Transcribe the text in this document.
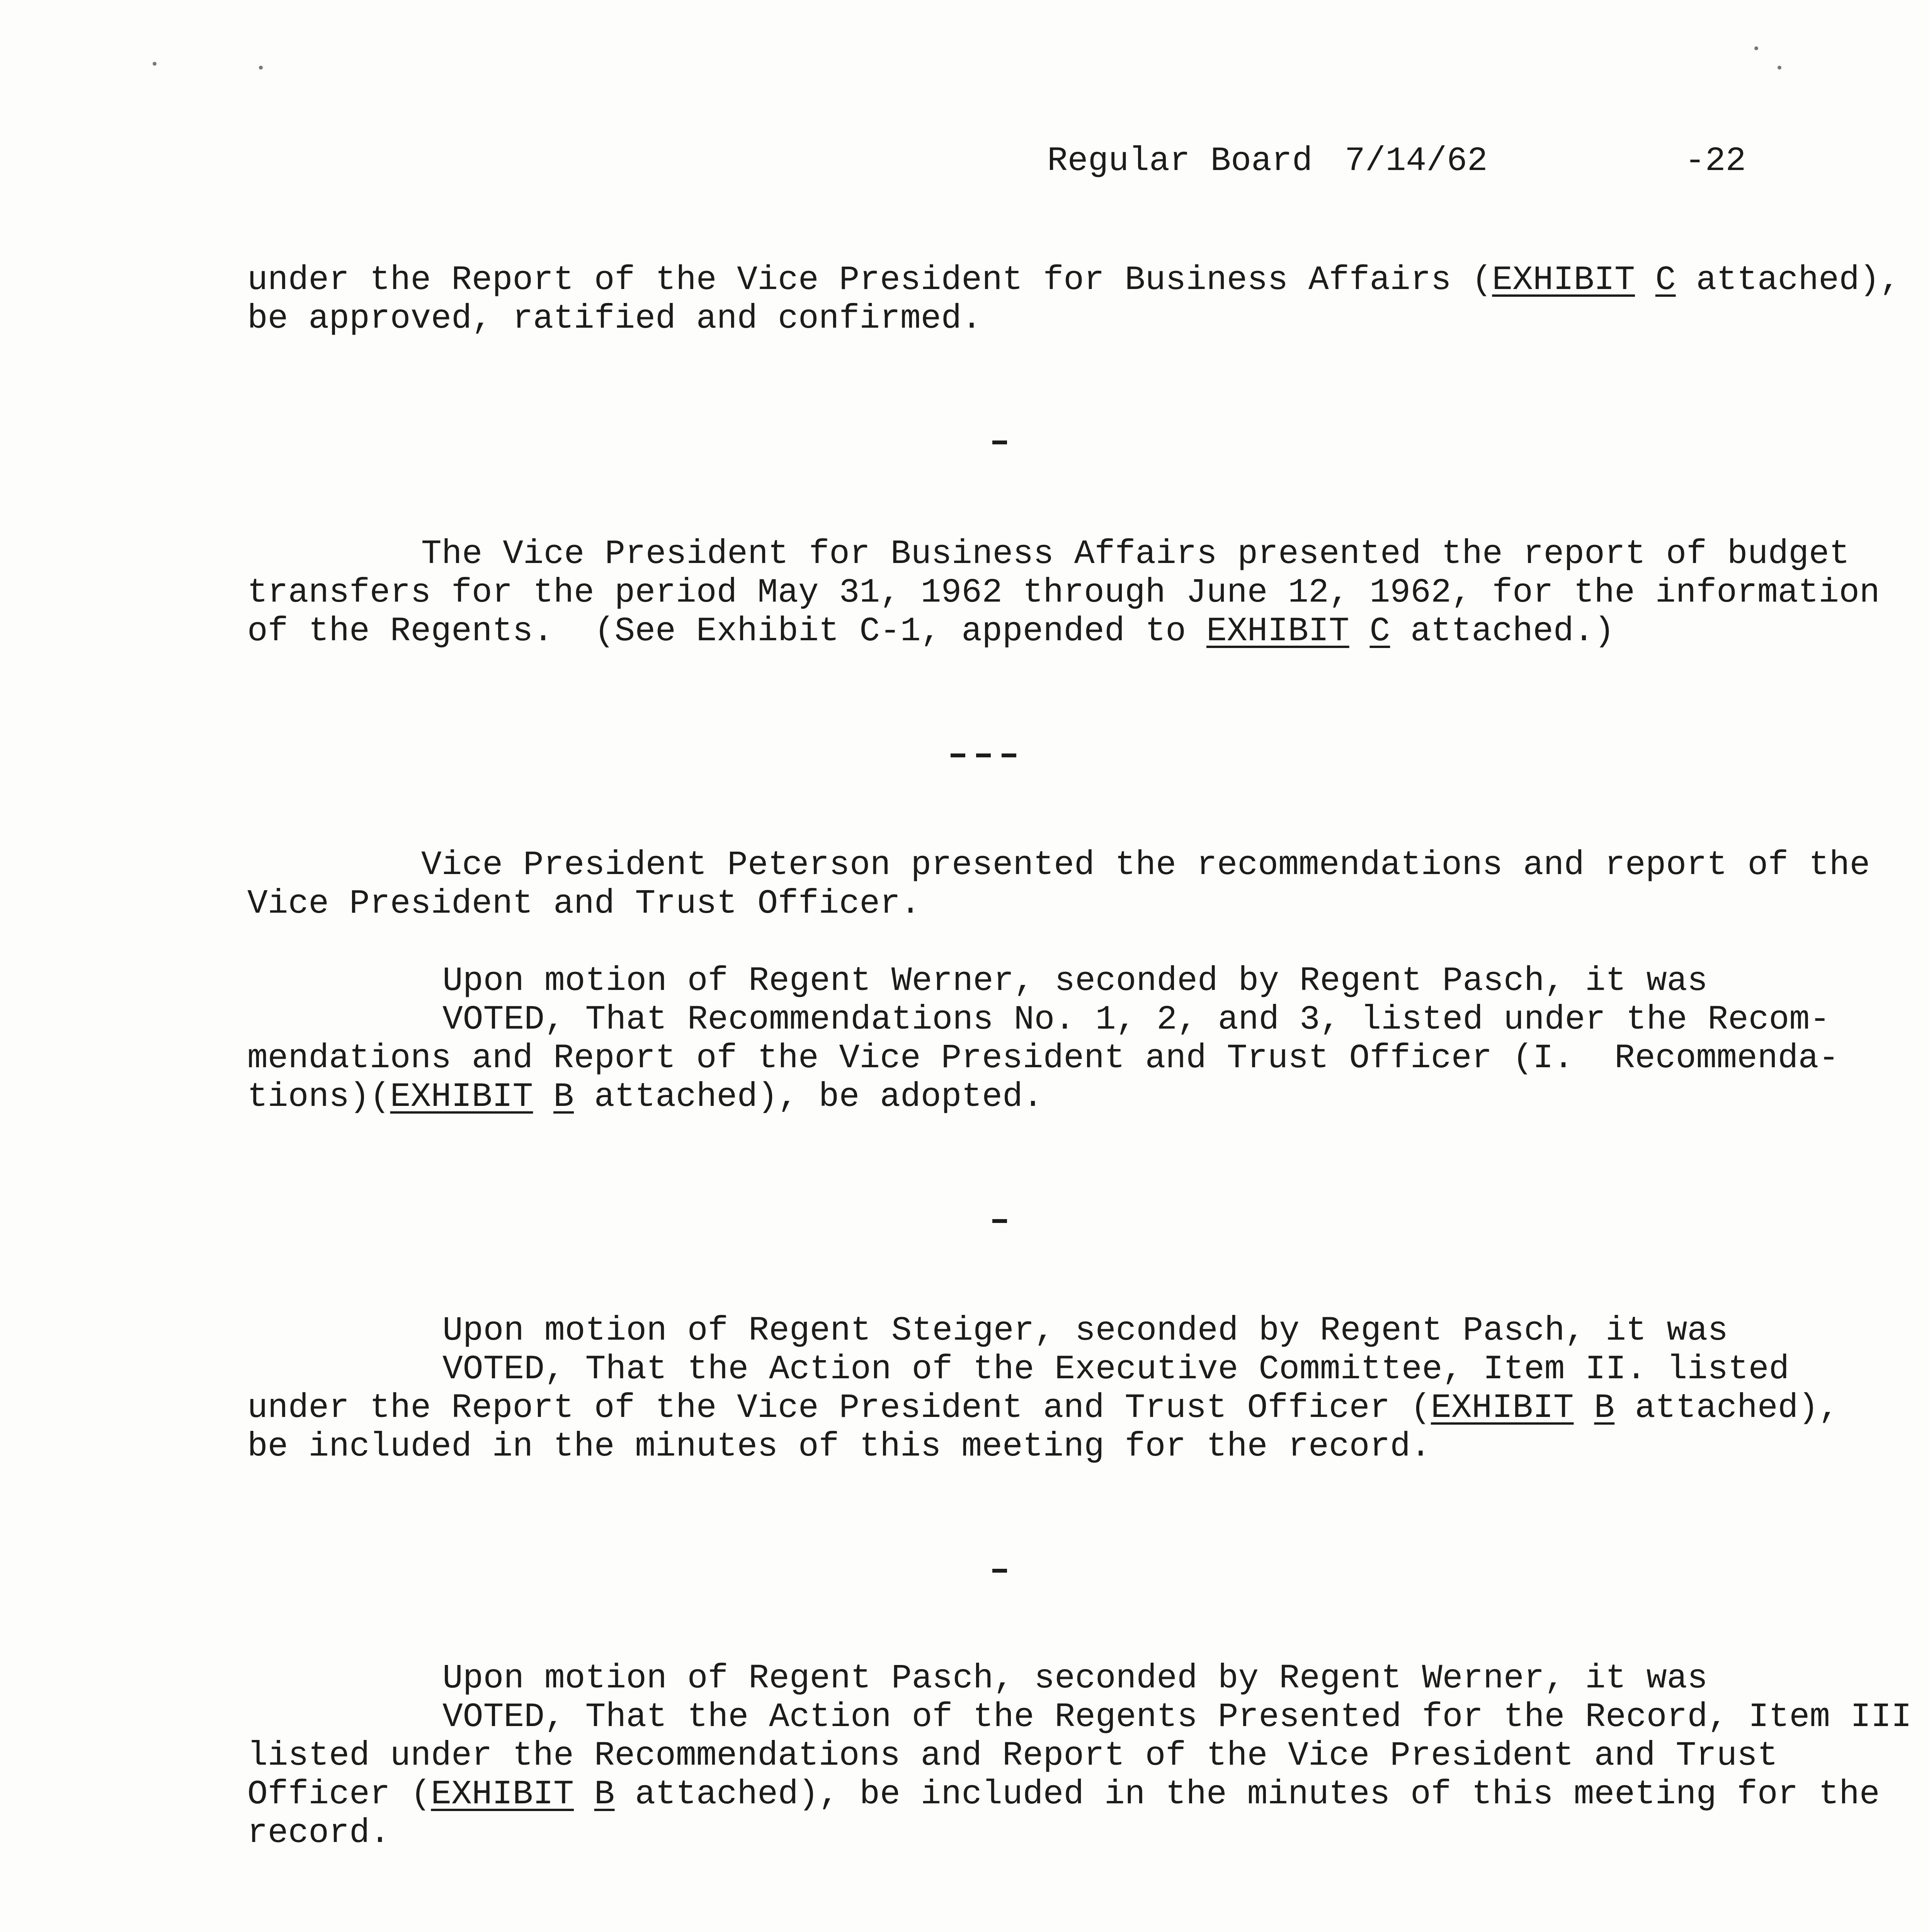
Regular Board 7/14/62	-22
under the Report of the Vice President for Business Affairs (EXHIBIT C attached),
be approved, ratified and confirmed.
The Vice President for Business Affairs presented the report of budget
transfers for the period May 31, 1962 through June 12, 1962, for the information
of the Regents.  (See Exhibit C-1, appended to EXHIBIT C attached.)
Vice President Peterson presented the recommendations and report of the
Vice President and Trust Officer.
Upon motion of Regent Werner, seconded by Regent Pasch, it was
VOTED, That Recommendations No. 1, 2, and 3, listed under the Recom-
mendations and Report of the Vice President and Trust Officer (I.  Recommenda-
tions)(EXHIBIT B attached), be adopted.
Upon motion of Regent Steiger, seconded by Regent Pasch, it was
VOTED, That the Action of the Executive Committee, Item II. listed
under the Report of the Vice President and Trust Officer (EXHIBIT B attached),
be included in the minutes of this meeting for the record.
Upon motion of Regent Pasch, seconded by Regent Werner, it was
VOTED, That the Action of the Regents Presented for the Record, Item III
listed under the Recommendations and Report of the Vice President and Trust
Officer (EXHIBIT B attached), be included in the minutes of this meeting for the
record.
